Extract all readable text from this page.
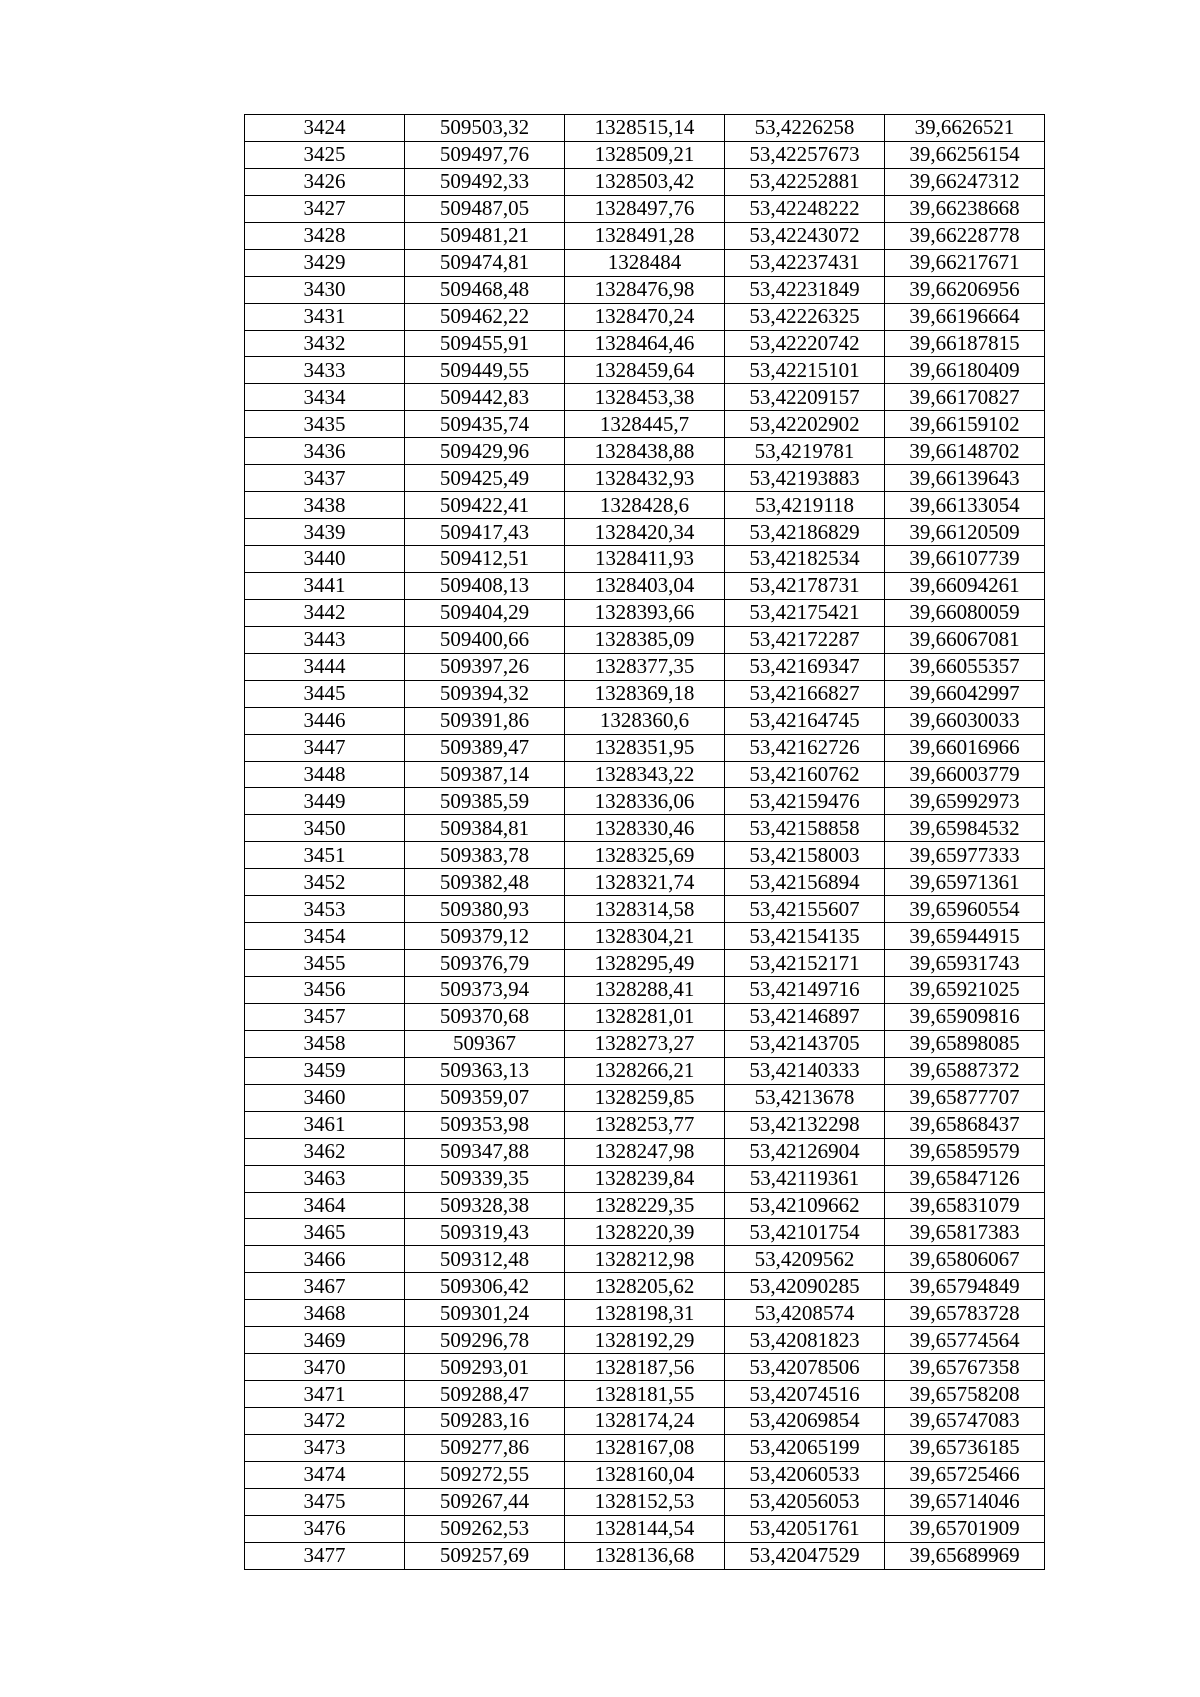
3424	509503,32	1328515,14	53,4226258	39,6626521
3425	509497,76	1328509,21	53,42257673	39,66256154
3426	509492,33	1328503,42	53,42252881	39,66247312
3427	509487,05	1328497,76	53,42248222	39,66238668
3428	509481,21	1328491,28	53,42243072	39,66228778
3429	509474,81	1328484	53,42237431	39,66217671
3430	509468,48	1328476,98	53,42231849	39,66206956
3431	509462,22	1328470,24	53,42226325	39,66196664
3432	509455,91	1328464,46	53,42220742	39,66187815
3433	509449,55	1328459,64	53,42215101	39,66180409
3434	509442,83	1328453,38	53,42209157	39,66170827
3435	509435,74	1328445,7	53,42202902	39,66159102
3436	509429,96	1328438,88	53,4219781	39,66148702
3437	509425,49	1328432,93	53,42193883	39,66139643
3438	509422,41	1328428,6	53,4219118	39,66133054
3439	509417,43	1328420,34	53,42186829	39,66120509
3440	509412,51	1328411,93	53,42182534	39,66107739
3441	509408,13	1328403,04	53,42178731	39,66094261
3442	509404,29	1328393,66	53,42175421	39,66080059
3443	509400,66	1328385,09	53,42172287	39,66067081
3444	509397,26	1328377,35	53,42169347	39,66055357
3445	509394,32	1328369,18	53,42166827	39,66042997
3446	509391,86	1328360,6	53,42164745	39,66030033
3447	509389,47	1328351,95	53,42162726	39,66016966
3448	509387,14	1328343,22	53,42160762	39,66003779
3449	509385,59	1328336,06	53,42159476	39,65992973
3450	509384,81	1328330,46	53,42158858	39,65984532
3451	509383,78	1328325,69	53,42158003	39,65977333
3452	509382,48	1328321,74	53,42156894	39,65971361
3453	509380,93	1328314,58	53,42155607	39,65960554
3454	509379,12	1328304,21	53,42154135	39,65944915
3455	509376,79	1328295,49	53,42152171	39,65931743
3456	509373,94	1328288,41	53,42149716	39,65921025
3457	509370,68	1328281,01	53,42146897	39,65909816
3458	509367	1328273,27	53,42143705	39,65898085
3459	509363,13	1328266,21	53,42140333	39,65887372
3460	509359,07	1328259,85	53,4213678	39,65877707
3461	509353,98	1328253,77	53,42132298	39,65868437
3462	509347,88	1328247,98	53,42126904	39,65859579
3463	509339,35	1328239,84	53,42119361	39,65847126
3464	509328,38	1328229,35	53,42109662	39,65831079
3465	509319,43	1328220,39	53,42101754	39,65817383
3466	509312,48	1328212,98	53,4209562	39,65806067
3467	509306,42	1328205,62	53,42090285	39,65794849
3468	509301,24	1328198,31	53,4208574	39,65783728
3469	509296,78	1328192,29	53,42081823	39,65774564
3470	509293,01	1328187,56	53,42078506	39,65767358
3471	509288,47	1328181,55	53,42074516	39,65758208
3472	509283,16	1328174,24	53,42069854	39,65747083
3473	509277,86	1328167,08	53,42065199	39,65736185
3474	509272,55	1328160,04	53,42060533	39,65725466
3475	509267,44	1328152,53	53,42056053	39,65714046
3476	509262,53	1328144,54	53,42051761	39,65701909
3477	509257,69	1328136,68	53,42047529	39,65689969
